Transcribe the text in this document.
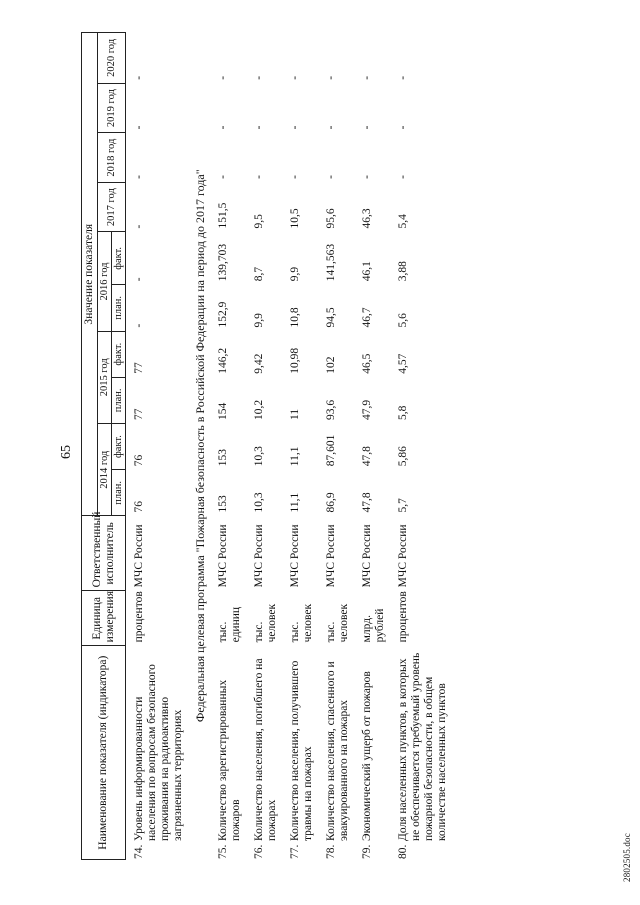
65
Наименование показателя (индикатора)	Единица измерения	Ответственный исполнитель	Значение показателя									
			2014 год		2015 год		2016 год		2017 год	2018 год	2019 год	2020 год
			план.	факт.	план.	факт.	план.	факт.				
74.Уровень информированности населения по вопросам безопасного проживания на радиоактивно загрязненных территориях	процентов	МЧС России	76	76	77	77	-	-	-	-	-	-
Федеральная целевая программа "Пожарная безопасность в Российской Федерации на период до 2017 года"												
75.Количество зарегистрированных пожаров	тыс. единиц	МЧС России	153	153	154	146,2	152,9	139,703	151,5	-	-	-
76.Количество населения, погибшего на пожарах	тыс. человек	МЧС России	10,3	10,3	10,2	9,42	9,9	8,7	9,5	-	-	-
77.Количество населения, получившего травмы на пожарах	тыс. человек	МЧС России	11,1	11,1	11	10,98	10,8	9,9	10,5	-	-	-
78.Количество населения, спасенного и эвакуированного на пожарах	тыс. человек	МЧС России	86,9	87,601	93,6	102	94,5	141,563	95,6	-	-	-
79.Экономический ущерб от пожаров	млрд. рублей	МЧС России	47,8	47,8	47,9	46,5	46,7	46,1	46,3	-	-	-
80.Доля населенных пунктов, в которых не обеспечивается требуемый уровень пожарной безопасности, в общем количестве населенных пунктов	процентов	МЧС России	5,7	5,86	5,8	4,57	5,6	3,88	5,4	-	-	-
2802505.doc
